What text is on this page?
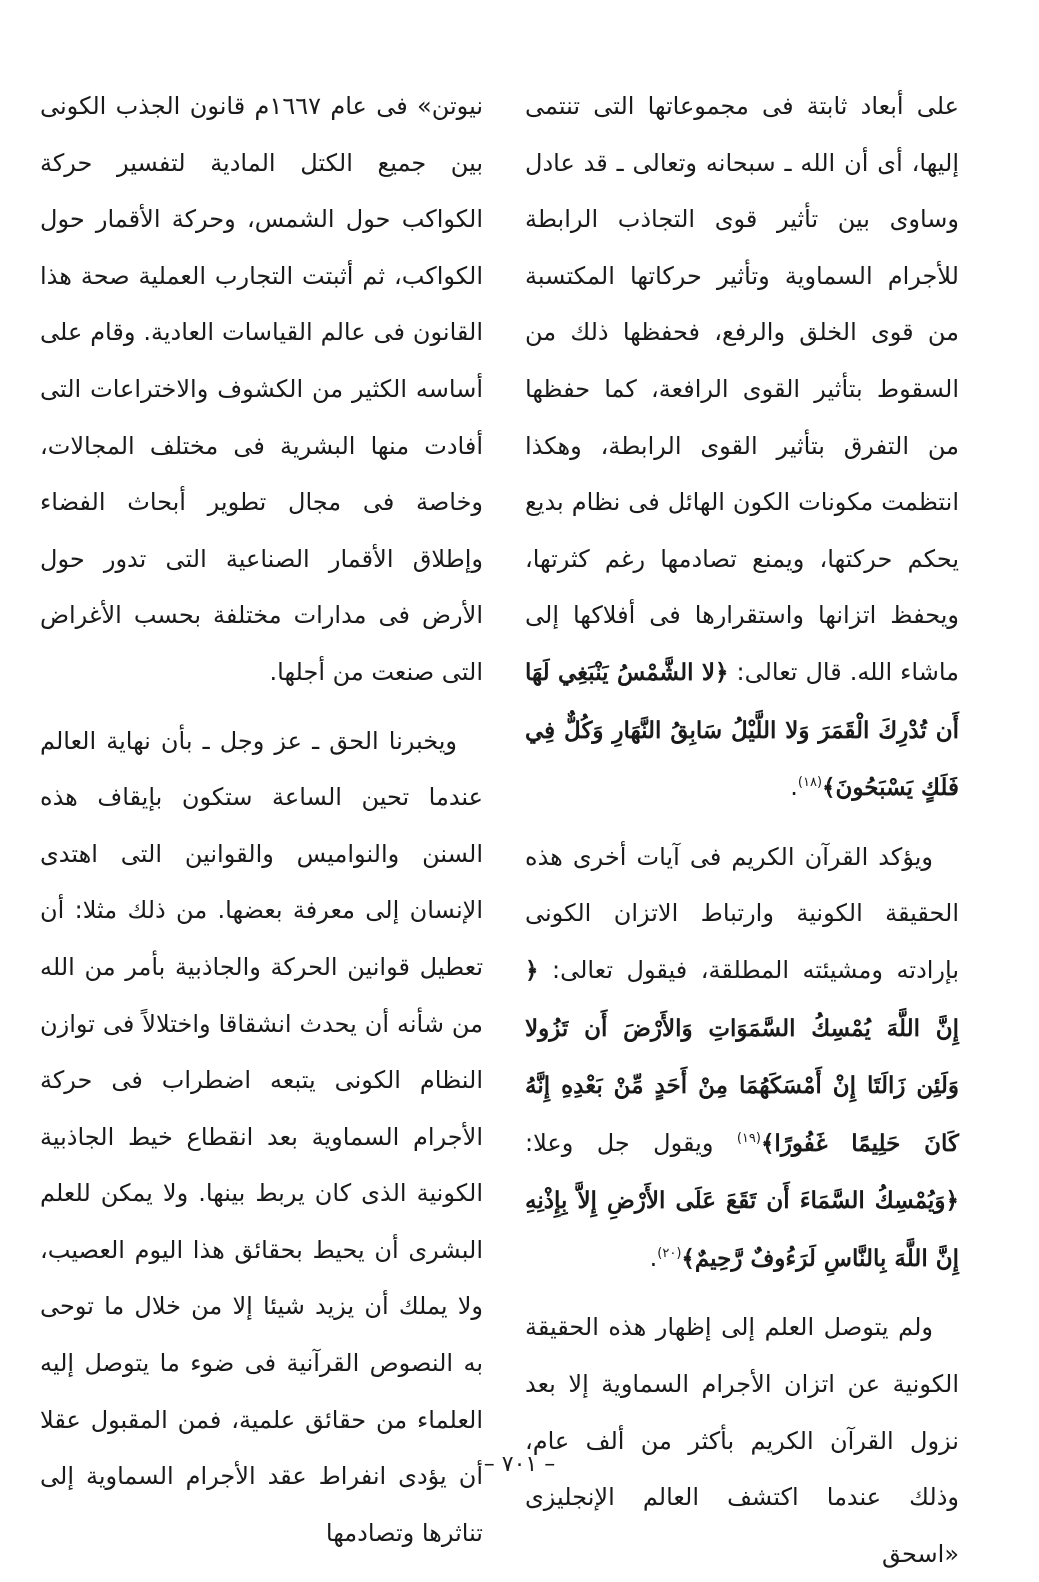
على أبعاد ثابتة فى مجموعاتها التى تنتمى إليها، أى أن الله ـ سبحانه وتعالى ـ قد عادل وساوى بين تأثير قوى التجاذب الرابطة للأجرام السماوية وتأثير حركاتها المكتسبة من قوى الخلق والرفع، فحفظها ذلك من السقوط بتأثير القوى الرافعة، كما حفظها من التفرق بتأثير القوى الرابطة، وهكذا انتظمت مكونات الكون الهائل فى نظام بديع يحكم حركتها، ويمنع تصادمها رغم كثرتها، ويحفظ اتزانها واستقرارها فى أفلاكها إلى ماشاء الله. قال تعالى: ﴿لا الشَّمْسُ يَنْبَغِي لَهَا أَن تُدْرِكَ الْقَمَرَ وَلا اللَّيْلُ سَابِقُ النَّهَارِ وَكُلٌّ فِي فَلَكٍ يَسْبَحُونَ﴾$^{(١٨)}$.

ويؤكد القرآن الكريم فى آيات أخرى هذه الحقيقة الكونية وارتباط الاتزان الكونى بإرادته ومشيئته المطلقة، فيقول تعالى: ﴿ إِنَّ اللَّهَ يُمْسِكُ السَّمَوَاتِ وَالأَرْضَ أَن تَزُولا وَلَئِن زَالَتَا إِنْ أَمْسَكَهُمَا مِنْ أَحَدٍ مِّنْ بَعْدِهِ إِنَّهُ كَانَ حَلِيمًا غَفُورًا﴾$^{(١٩)}$ ويقول جل وعلا: ﴿وَيُمْسِكُ السَّمَاءَ أَن تَقَعَ عَلَى الأَرْضِ إِلاَّ بِإِذْنِهِ إِنَّ اللَّهَ بِالنَّاسِ لَرَءُوفٌ رَّحِيمٌ﴾$^{(٢٠)}$.

ولم يتوصل العلم إلى إظهار هذه الحقيقة الكونية عن اتزان الأجرام السماوية إلا بعد نزول القرآن الكريم بأكثر من ألف عام، وذلك عندما اكتشف العالم الإنجليزى «اسحق

نيوتن» فى عام ١٦٦٧م قانون الجذب الكونى بين جميع الكتل المادية لتفسير حركة الكواكب حول الشمس، وحركة الأقمار حول الكواكب، ثم أثبتت التجارب العملية صحة هذا القانون فى عالم القياسات العادية. وقام على أساسه الكثير من الكشوف والاختراعات التى أفادت منها البشرية فى مختلف المجالات، وخاصة فى مجال تطوير أبحاث الفضاء وإطلاق الأقمار الصناعية التى تدور حول الأرض فى مدارات مختلفة بحسب الأغراض التى صنعت من أجلها.

ويخبرنا الحق ـ عز وجل ـ بأن نهاية العالم عندما تحين الساعة ستكون بإيقاف هذه السنن والنواميس والقوانين التى اهتدى الإنسان إلى معرفة بعضها. من ذلك مثلا: أن تعطيل قوانين الحركة والجاذبية بأمر من الله من شأنه أن يحدث انشقاقا واختلالاً فى توازن النظام الكونى يتبعه اضطراب فى حركة الأجرام السماوية بعد انقطاع خيط الجاذبية الكونية الذى كان يربط بينها. ولا يمكن للعلم البشرى أن يحيط بحقائق هذا اليوم العصيب، ولا يملك أن يزيد شيئا إلا من خلال ما توحى به النصوص القرآنية فى ضوء ما يتوصل إليه العلماء من حقائق علمية، فمن المقبول عقلا أن يؤدى انفراط عقد الأجرام السماوية إلى تناثرها وتصادمها

– ٧٠١ –
